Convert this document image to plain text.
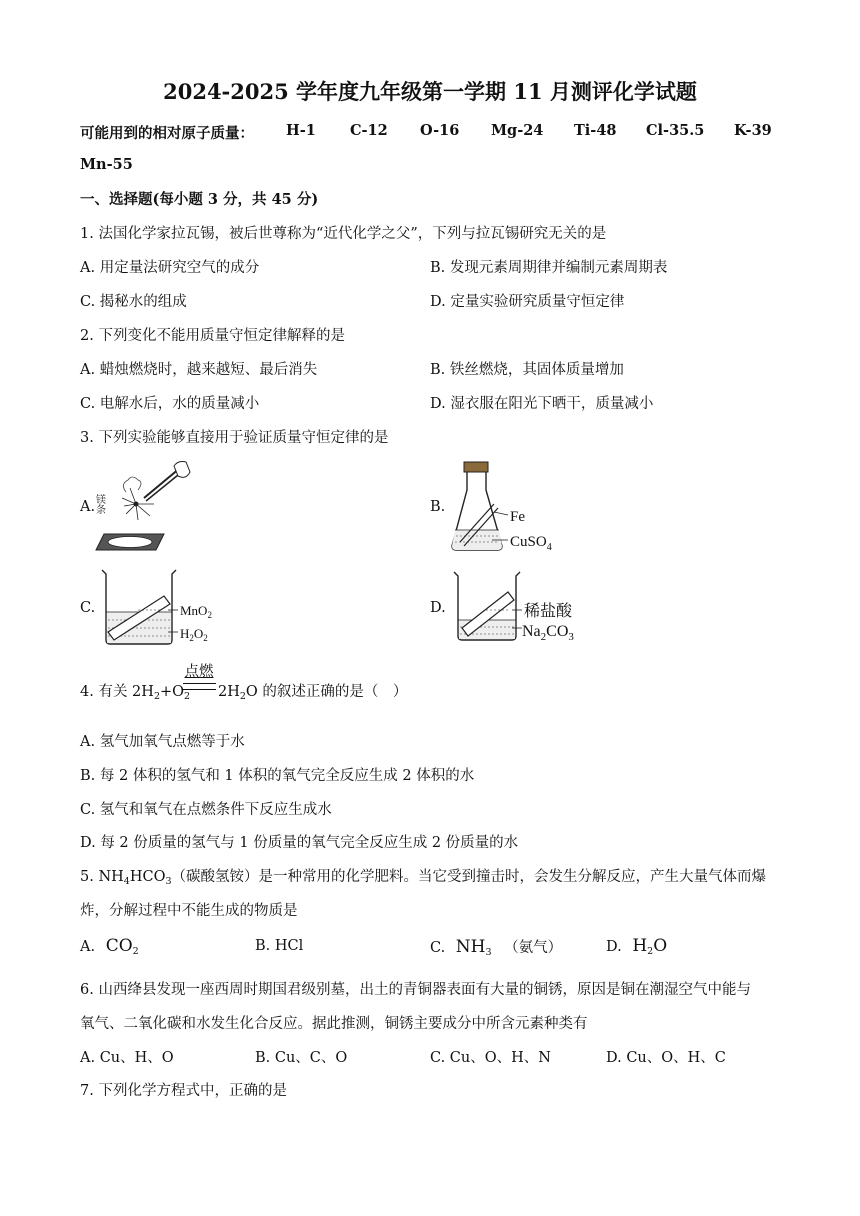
2024-2025 学年度九年级第一学期 11 月测评化学试题
可能用到的相对原子质量： H-1 C-12 O-16 Mg-24 Ti-48 Cl-35.5 K-39
Mn-55
一、选择题(每小题 3 分，共 45 分)
1. 法国化学家拉瓦锡，被后世尊称为“近代化学之父”，下列与拉瓦锡研究无关的是
A. 用定量法研究空气的成分	B. 发现元素周期律并编制元素周期表
C. 揭秘水的组成	D. 定量实验研究质量守恒定律
2. 下列变化不能用质量守恒定律解释的是
A. 蜡烛燃烧时，越来越短、最后消失	B. 铁丝燃烧，其固体质量增加
C. 电解水后，水的质量减小	D. 湿衣服在阳光下晒干，质量减小
3. 下列实验能够直接用于验证质量守恒定律的是
A.
镁条	B.
Fe
CuSO$_4$
C.	MnO$_2$
$H_2O_2$
D.	稀盐酸
$Na_2CO_3$
4. 有关 $2H_2+O_2$
点燃
$2H_2O$ 的叙述正确的是（　）
A. 氢气加氧气点燃等于水
B. 每 2 体积的氢气和 1 体积的氧气完全反应生成 2 体积的水
C. 氢气和氧气在点燃条件下反应生成水
D. 每 2 份质量的氢气与 1 份质量的氧气完全反应生成 2 份质量的水
5. $NH_4HCO_3$（碳酸氢铵）是一种常用的化学肥料。当它受到撞击时，会发生分解反应，产生大量气体而爆
炸，分解过程中不能生成的物质是
A. $CO_2$	B. HCl	C. $NH_3$ （氨气）	D. $H_2O$
6. 山西绛县发现一座西周时期国君级别墓，出土的青铜器表面有大量的铜锈，原因是铜在潮湿空气中能与
氧气、二氧化碳和水发生化合反应。据此推测，铜锈主要成分中所含元素种类有
A. Cu、H、O	B. Cu、C、O	C. Cu、O、H、N	D. Cu、O、H、C
7. 下列化学方程式中，正确的是
